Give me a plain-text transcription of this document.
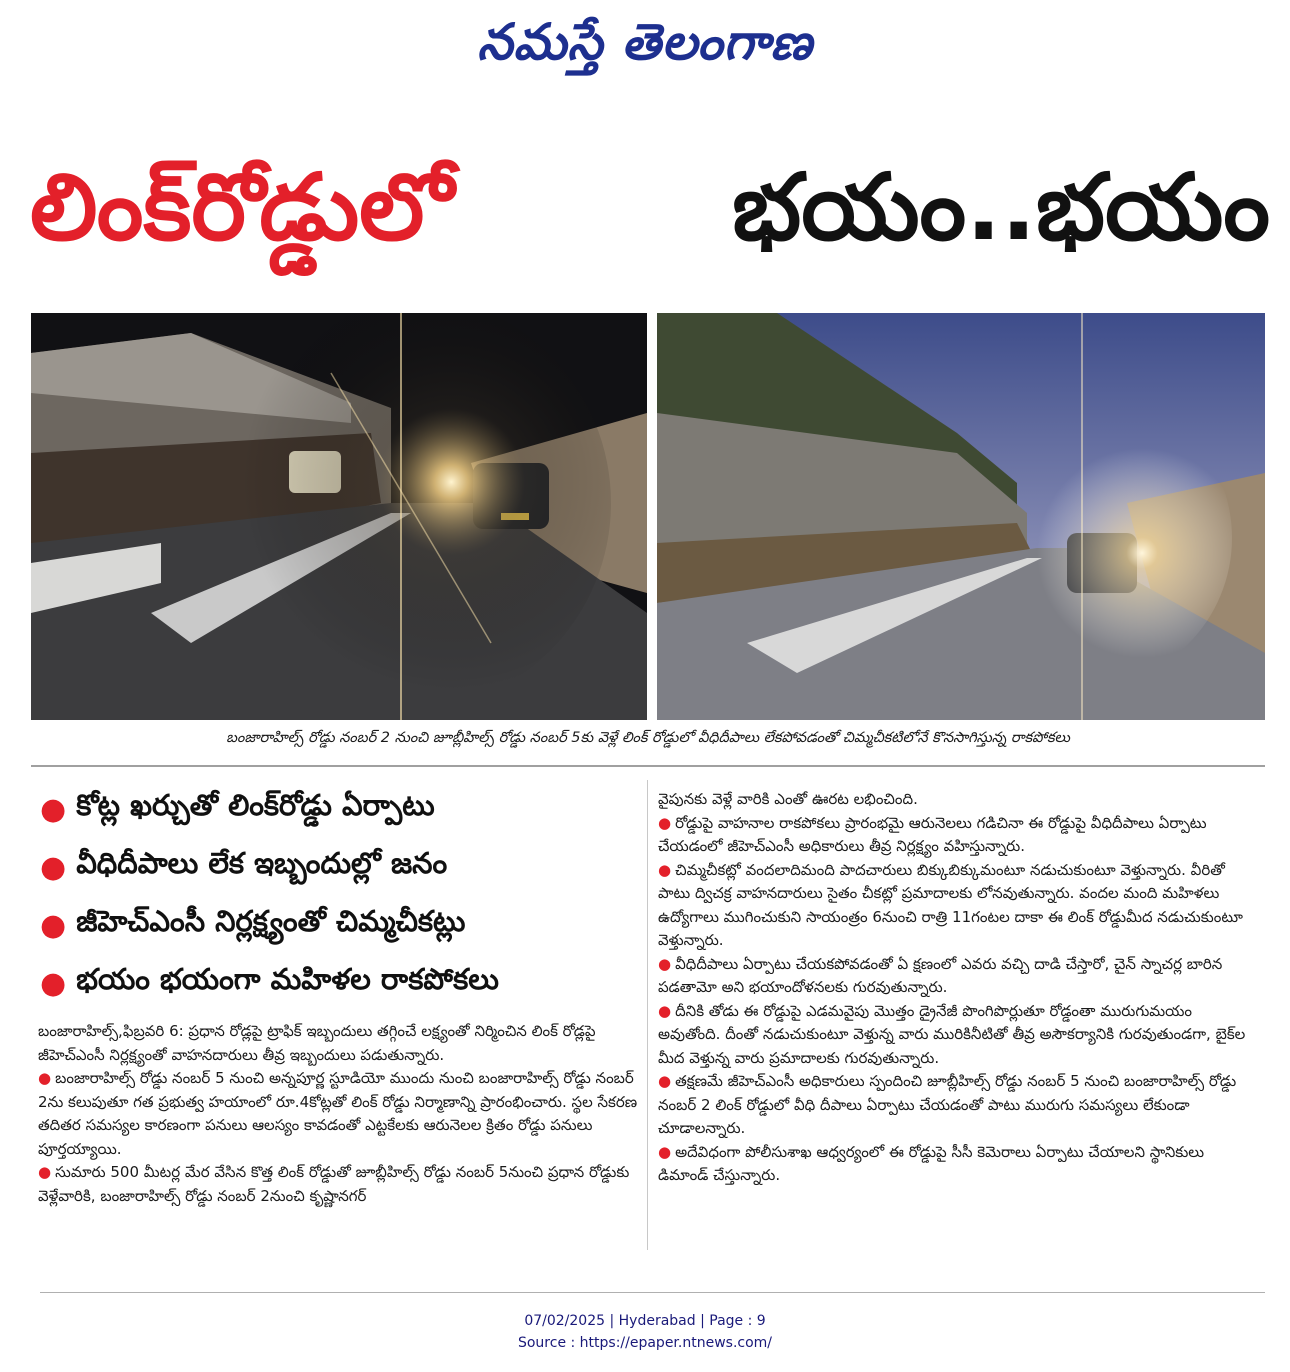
నమస్తే తెలంగాణ
లింక్‌రోడ్డులో	భయం..భయం
బంజారాహిల్స్ రోడ్డు నంబర్ 2 నుంచి జూబ్లీహిల్స్ రోడ్డు నంబర్ 5కు వెళ్లే లింక్ రోడ్డులో వీధిదీపాలు లేకపోవడంతో చిమ్మచీకటిలోనే కొనసాగిస్తున్న రాకపోకలు
● కోట్ల ఖర్చుతో లింక్‌రోడ్డు ఏర్పాటు
● వీధిదీపాలు లేక ఇబ్బందుల్లో జనం
● జీహెచ్‌ఎంసీ నిర్లక్ష్యంతో చిమ్మచీకట్లు
● భయం భయంగా మహిళల రాకపోకలు

బంజారాహిల్స్,ఫిబ్రవరి 6: ప్రధాన రోడ్లపై ట్రాఫిక్ ఇబ్బందులు తగ్గించే లక్ష్యంతో నిర్మించిన లింక్ రోడ్లపై జీహెచ్‌ఎంసీ నిర్లక్ష్యంతో వాహనదారులు తీవ్ర ఇబ్బందులు పడుతున్నారు.

● బంజారాహిల్స్ రోడ్డు నంబర్ 5 నుంచి అన్నపూర్ణ స్టూడియో ముందు నుంచి బంజారాహిల్స్ రోడ్డు నంబర్ 2ను కలుపుతూ గత ప్రభుత్వ హయాంలో రూ.4కోట్లతో లింక్ రోడ్డు నిర్మాణాన్ని ప్రారంభించారు. స్థల సేకరణ తదితర సమస్యల కారణంగా పనులు ఆలస్యం కావడంతో ఎట్టకేలకు ఆరునెలల క్రితం రోడ్డు పనులు పూర్తయ్యాయి.

● సుమారు 500 మీటర్ల మేర వేసిన కొత్త లింక్ రోడ్డుతో జూబ్లీహిల్స్ రోడ్డు నంబర్ 5నుంచి ప్రధాన రోడ్డుకు వెళ్లేవారికి, బంజారాహిల్స్ రోడ్డు నంబర్ 2నుంచి కృష్ణానగర్

వైపునకు వెళ్లే వారికి ఎంతో ఊరట లభించింది.

● రోడ్డుపై వాహనాల రాకపోకలు ప్రారంభమై ఆరునెలలు గడిచినా ఈ రోడ్డుపై వీధిదీపాలు ఏర్పాటు చేయడంలో జీహెచ్‌ఎంసీ అధికారులు తీవ్ర నిర్లక్ష్యం వహిస్తున్నారు.

● చిమ్మచీకట్లో వందలాదిమంది పాదచారులు బిక్కుబిక్కుమంటూ నడుచుకుంటూ వెళ్తున్నారు. వీరితో పాటు ద్విచక్ర వాహనదారులు సైతం చీకట్లో ప్రమాదాలకు లోనవుతున్నారు. వందల మంది మహిళలు ఉద్యోగాలు ముగించుకుని సాయంత్రం 6నుంచి రాత్రి 11గంటల దాకా ఈ లింక్ రోడ్డుమీద నడుచుకుంటూ వెళ్తున్నారు.

● వీధిదీపాలు ఏర్పాటు చేయకపోవడంతో ఏ క్షణంలో ఎవరు వచ్చి దాడి చేస్తారో, చైన్ స్నాచర్ల బారిన పడతామో అని భయాందోళనలకు గురవుతున్నారు.

● దీనికి తోడు ఈ రోడ్డుపై ఎడమవైపు మొత్తం డ్రైనేజీ పొంగిపొర్లుతూ రోడ్డంతా మురుగుమయం అవుతోంది. దీంతో నడుచుకుంటూ వెళ్తున్న వారు మురికినీటితో తీవ్ర అసౌకర్యానికి గురవుతుండగా, బైక్‌ల మీద వెళ్తున్న వారు ప్రమాదాలకు గురవుతున్నారు.

● తక్షణమే జీహెచ్‌ఎంసీ అధికారులు స్పందించి జూబ్లీహిల్స్ రోడ్డు నంబర్ 5 నుంచి బంజారాహిల్స్ రోడ్డు నంబర్ 2 లింక్ రోడ్డులో వీధి దీపాలు ఏర్పాటు చేయడంతో పాటు మురుగు సమస్యలు లేకుండా చూడాలన్నారు.

● అదేవిధంగా పోలీసుశాఖ ఆధ్వర్యంలో ఈ రోడ్డుపై సీసీ కెమెరాలు ఏర్పాటు చేయాలని స్థానికులు డిమాండ్ చేస్తున్నారు.

07/02/2025 | Hyderabad | Page : 9
Source : https://epaper.ntnews.com/
